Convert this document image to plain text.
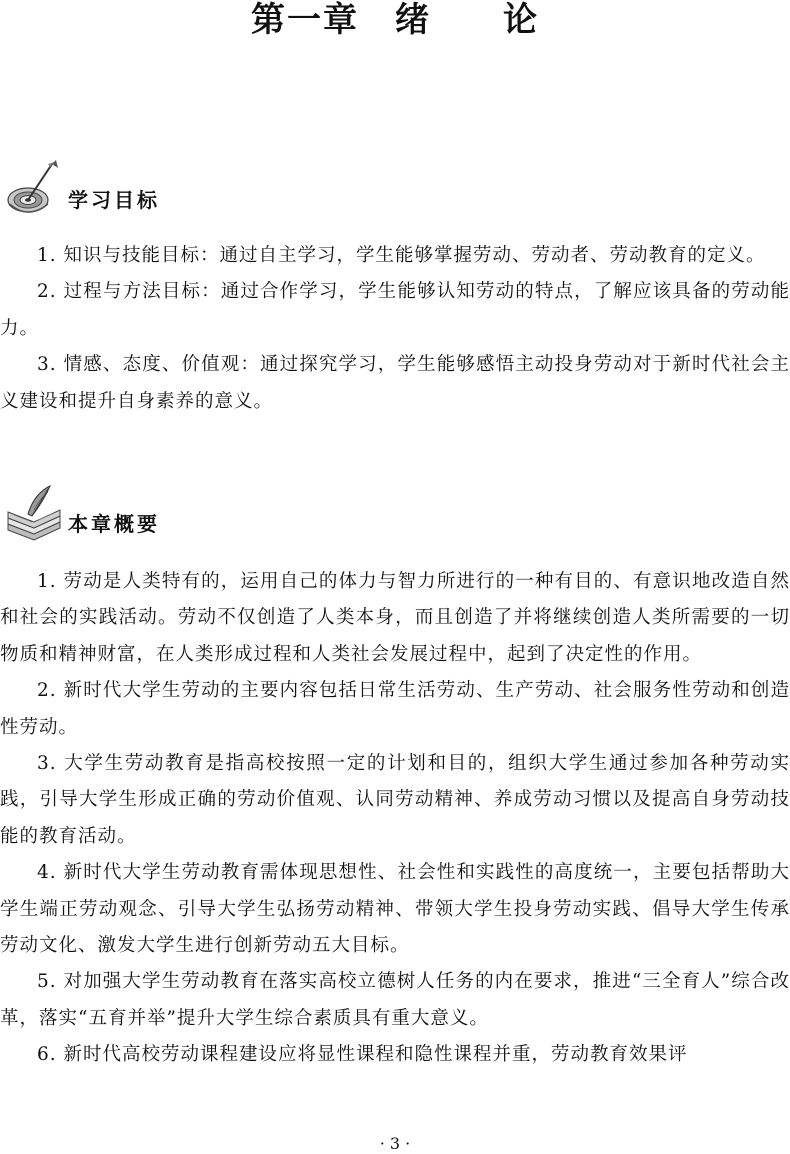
第一章　绪　　论
学习目标

1. 知识与技能目标：通过自主学习，学生能够掌握劳动、劳动者、劳动教育的定义。

2. 过程与方法目标：通过合作学习，学生能够认知劳动的特点，了解应该具备的劳动能力。

3. 情感、态度、价值观：通过探究学习，学生能够感悟主动投身劳动对于新时代社会主义建设和提升自身素养的意义。

本章概要

1. 劳动是人类特有的，运用自己的体力与智力所进行的一种有目的、有意识地改造自然和社会的实践活动。劳动不仅创造了人类本身，而且创造了并将继续创造人类所需要的一切物质和精神财富，在人类形成过程和人类社会发展过程中，起到了决定性的作用。

2. 新时代大学生劳动的主要内容包括日常生活劳动、生产劳动、社会服务性劳动和创造性劳动。

3. 大学生劳动教育是指高校按照一定的计划和目的，组织大学生通过参加各种劳动实践，引导大学生形成正确的劳动价值观、认同劳动精神、养成劳动习惯以及提高自身劳动技能的教育活动。

4. 新时代大学生劳动教育需体现思想性、社会性和实践性的高度统一，主要包括帮助大学生端正劳动观念、引导大学生弘扬劳动精神、带领大学生投身劳动实践、倡导大学生传承劳动文化、激发大学生进行创新劳动五大目标。

5. 对加强大学生劳动教育在落实高校立德树人任务的内在要求，推进“三全育人”综合改革，落实“五育并举”提升大学生综合素质具有重大意义。

6. 新时代高校劳动课程建设应将显性课程和隐性课程并重，劳动教育效果评

· 3 ·
